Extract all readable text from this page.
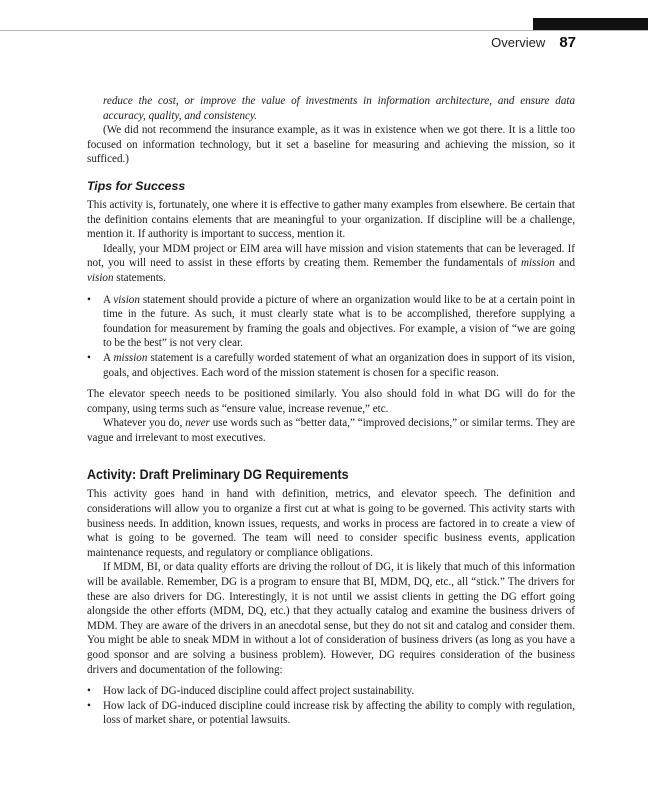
Overview 87

reduce the cost, or improve the value of investments in information architecture, and ensure data accuracy, quality, and consistency.

(We did not recommend the insurance example, as it was in existence when we got there. It is a little too focused on information technology, but it set a baseline for measuring and achieving the mission, so it sufficed.)

Tips for Success

This activity is, fortunately, one where it is effective to gather many examples from elsewhere. Be certain that the definition contains elements that are meaningful to your organization. If discipline will be a challenge, mention it. If authority is important to success, mention it.

Ideally, your MDM project or EIM area will have mission and vision statements that can be leveraged. If not, you will need to assist in these efforts by creating them. Remember the fundamentals of mission and vision statements.

• A vision statement should provide a picture of where an organization would like to be at a certain point in time in the future. As such, it must clearly state what is to be accomplished, therefore supplying a foundation for measurement by framing the goals and objectives. For example, a vision of “we are going to be the best” is not very clear.
• A mission statement is a carefully worded statement of what an organization does in support of its vision, goals, and objectives. Each word of the mission statement is chosen for a specific reason.

The elevator speech needs to be positioned similarly. You also should fold in what DG will do for the company, using terms such as “ensure value, increase revenue,” etc.

Whatever you do, never use words such as “better data,” “improved decisions,” or similar terms. They are vague and irrelevant to most executives.

Activity: Draft Preliminary DG Requirements

This activity goes hand in hand with definition, metrics, and elevator speech. The definition and considerations will allow you to organize a first cut at what is going to be governed. This activity starts with business needs. In addition, known issues, requests, and works in process are factored in to create a view of what is going to be governed. The team will need to consider specific business events, application maintenance requests, and regulatory or compliance obligations.

If MDM, BI, or data quality efforts are driving the rollout of DG, it is likely that much of this information will be available. Remember, DG is a program to ensure that BI, MDM, DQ, etc., all “stick.” The drivers for these are also drivers for DG. Interestingly, it is not until we assist clients in getting the DG effort going alongside the other efforts (MDM, DQ, etc.) that they actually catalog and examine the business drivers of MDM. They are aware of the drivers in an anecdotal sense, but they do not sit and catalog and consider them. You might be able to sneak MDM in without a lot of consideration of business drivers (as long as you have a good sponsor and are solving a business problem). However, DG requires consideration of the business drivers and documentation of the following:

• How lack of DG-induced discipline could affect project sustainability.
• How lack of DG-induced discipline could increase risk by affecting the ability to comply with regulation, loss of market share, or potential lawsuits.
